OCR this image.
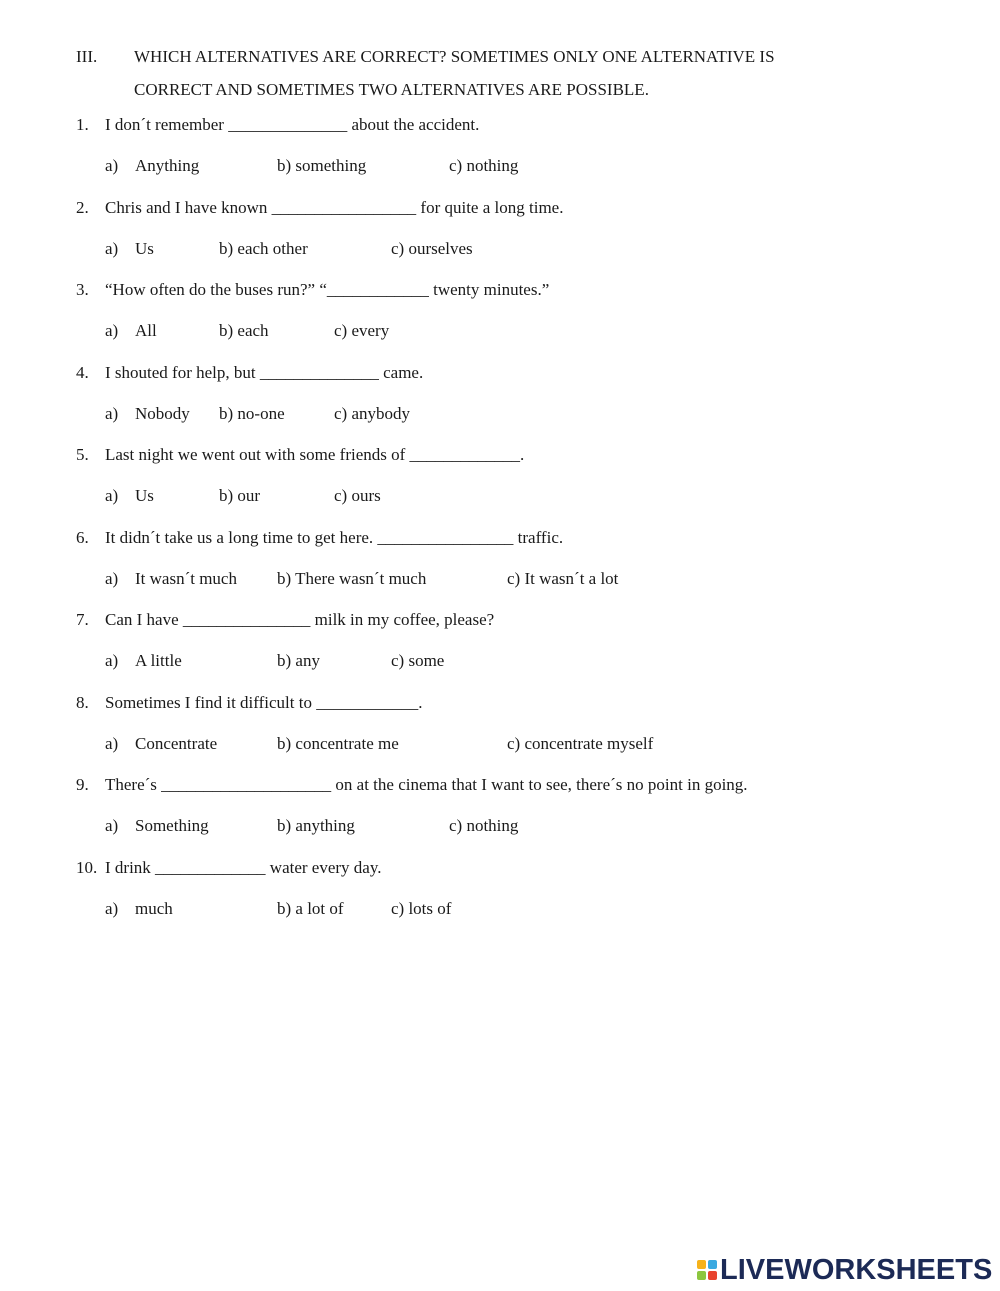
III. WHICH ALTERNATIVES ARE CORRECT? SOMETIMES ONLY ONE ALTERNATIVE IS
CORRECT AND SOMETIMES TWO ALTERNATIVES ARE POSSIBLE.
1. I don´t remember ______________ about the accident.
a) Anything	b) something	c) nothing
2. Chris and I have known _________________ for quite a long time.
a) Us	b) each other	c) ourselves
3. “How often do the buses run?” “____________ twenty minutes.”
a) All	b) each	c) every
4. I shouted for help, but ______________ came.
a) Nobody b) no-one	c) anybody
5. Last night we went out with some friends of _____________.
a) Us	b) our	c) ours
6. It didn´t take us a long time to get here. ________________ traffic.
a) It wasn´t much b) There wasn´t much	c) It wasn´t a lot
7. Can I have _______________ milk in my coffee, please?
a) A little	b) any	c) some
8. Sometimes I find it difficult to ____________.
a) Concentrate	b) concentrate me	c) concentrate myself
9. There´s ____________________ on at the cinema that I want to see, there´s no point in going.
a) Something	b) anything	c) nothing
10. I drink _____________ water every day.
a) much	b) a lot of	c) lots of
LIVEWORKSHEETS
